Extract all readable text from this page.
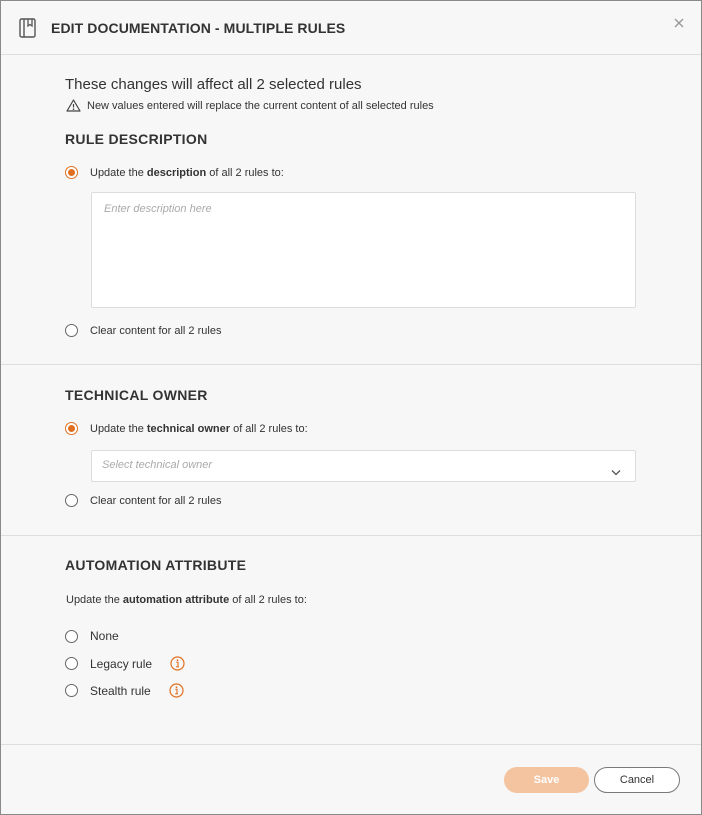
EDIT DOCUMENTATION - MULTIPLE RULES
These changes will affect all 2 selected rules
New values entered will replace the current content of all selected rules
RULE DESCRIPTION
Update the description of all 2 rules to:
Enter description here
Clear content for all 2 rules
TECHNICAL OWNER
Update the technical owner of all 2 rules to:
Select technical owner
Clear content for all 2 rules
AUTOMATION ATTRIBUTE
Update the automation attribute of all 2 rules to:
None
Legacy rule
Stealth rule
Save	Cancel
